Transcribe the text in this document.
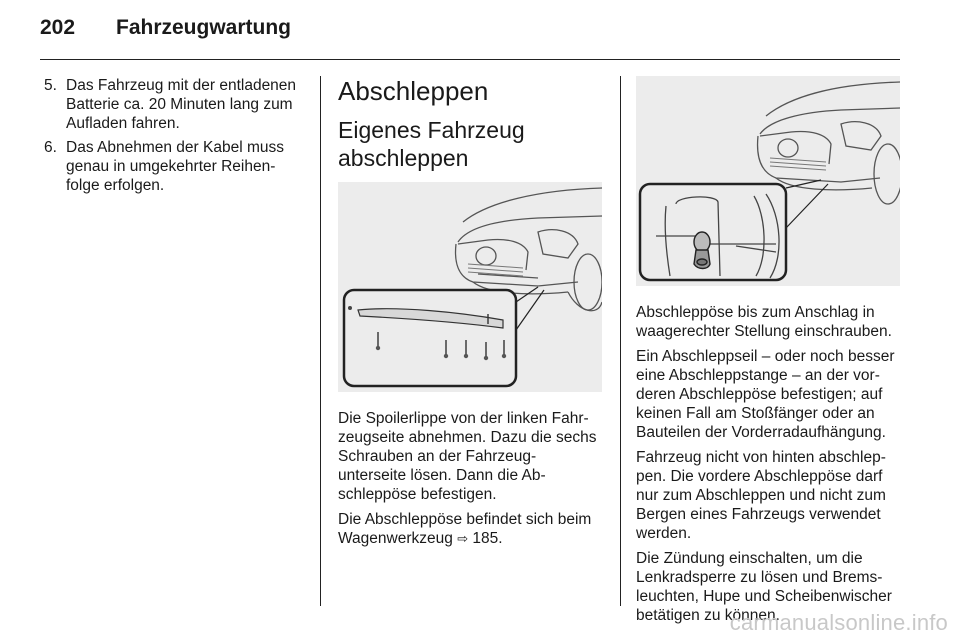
202	Fahrzeugwartung
5. Das Fahrzeug mit der entladenen Batterie ca. 20 Minuten lang zum Aufladen fahren.
6. Das Abnehmen der Kabel muss genau in umgekehrter Reihen-folge erfolgen.
Abschleppen
Eigenes Fahrzeug abschleppen

Die Spoilerlippe von der linken Fahr-zeugseite abnehmen. Dazu die sechs Schrauben an der Fahrzeug-unterseite lösen. Dann die Ab-schleppöse befestigen.

Die Abschleppöse befindet sich beim Wagenwerkzeug ⇨ 185.

Abschleppöse bis zum Anschlag in waagerechter Stellung einschrauben.

Ein Abschleppseil – oder noch besser eine Abschleppstange – an der vor-deren Abschleppöse befestigen; auf keinen Fall am Stoßfänger oder an Bauteilen der Vorderradaufhängung.

Fahrzeug nicht von hinten abschlep-pen. Die vordere Abschleppöse darf nur zum Abschleppen und nicht zum Bergen eines Fahrzeugs verwendet werden.

Die Zündung einschalten, um die Lenkradsperre zu lösen und Brems-leuchten, Hupe und Scheibenwischer betätigen zu können.

carmanualsonline.info
